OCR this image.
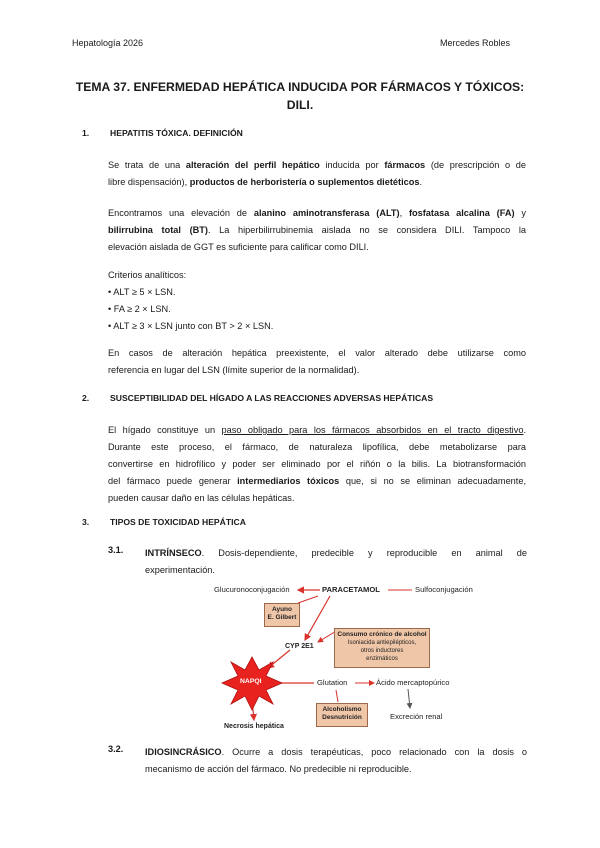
Hepatología 2026	Mercedes Robles
TEMA 37. ENFERMEDAD HEPÁTICA INDUCIDA POR FÁRMACOS Y TÓXICOS:
DILI.
1. HEPATITIS TÓXICA. DEFINICIÓN
Se trata de una alteración del perfil hepático inducida por fármacos (de prescripción o de
libre dispensación), productos de herboristería o suplementos dietéticos.
Encontramos una elevación de alanino aminotransferasa (ALT), fosfatasa alcalina (FA) y
bilirrubina total (BT). La hiperbilirrubinemia aislada no se considera DILI. Tampoco la
elevación aislada de GGT es suficiente para calificar como DILI.
Criterios analíticos:
• ALT ≥ 5 × LSN.
• FA ≥ 2 × LSN.
• ALT ≥ 3 × LSN junto con BT > 2 × LSN.
En casos de alteración hepática preexistente, el valor alterado debe utilizarse como
referencia en lugar del LSN (límite superior de la normalidad).
2. SUSCEPTIBILIDAD DEL HÍGADO A LAS REACCIONES ADVERSAS HEPÁTICAS
El hígado constituye un paso obligado para los fármacos absorbidos en el tracto digestivo.
Durante este proceso, el fármaco, de naturaleza lipofílica, debe metabolizarse para
convertirse en hidrofílico y poder ser eliminado por el riñón o la bilis. La biotransformación
del fármaco puede generar intermediarios tóxicos que, si no se eliminan adecuadamente,
pueden causar daño en las células hepáticas.
3. TIPOS DE TOXICIDAD HEPÁTICA
3.1.	INTRÍNSECO. Dosis-dependiente, predecible y reproducible en animal de
experimentación.
Glucuronoconjugación	PARACETAMOL	Sulfoconjugación
Ayuno
E. Gilbert
Consumo crónico de alcohol
Isoniacida antiepilépticos,
otros inductores
enzimáticos
CYP 2E1
NAPQI	Glutation	Ácido mercaptopúrico
Alcoholismo
Desnutrición	Excreción renal
Necrosis hepática
3.2.	IDIOSINCRÁSICO. Ocurre a dosis terapéuticas, poco relacionado con la dosis o
mecanismo de acción del fármaco. No predecible ni reproducible.
